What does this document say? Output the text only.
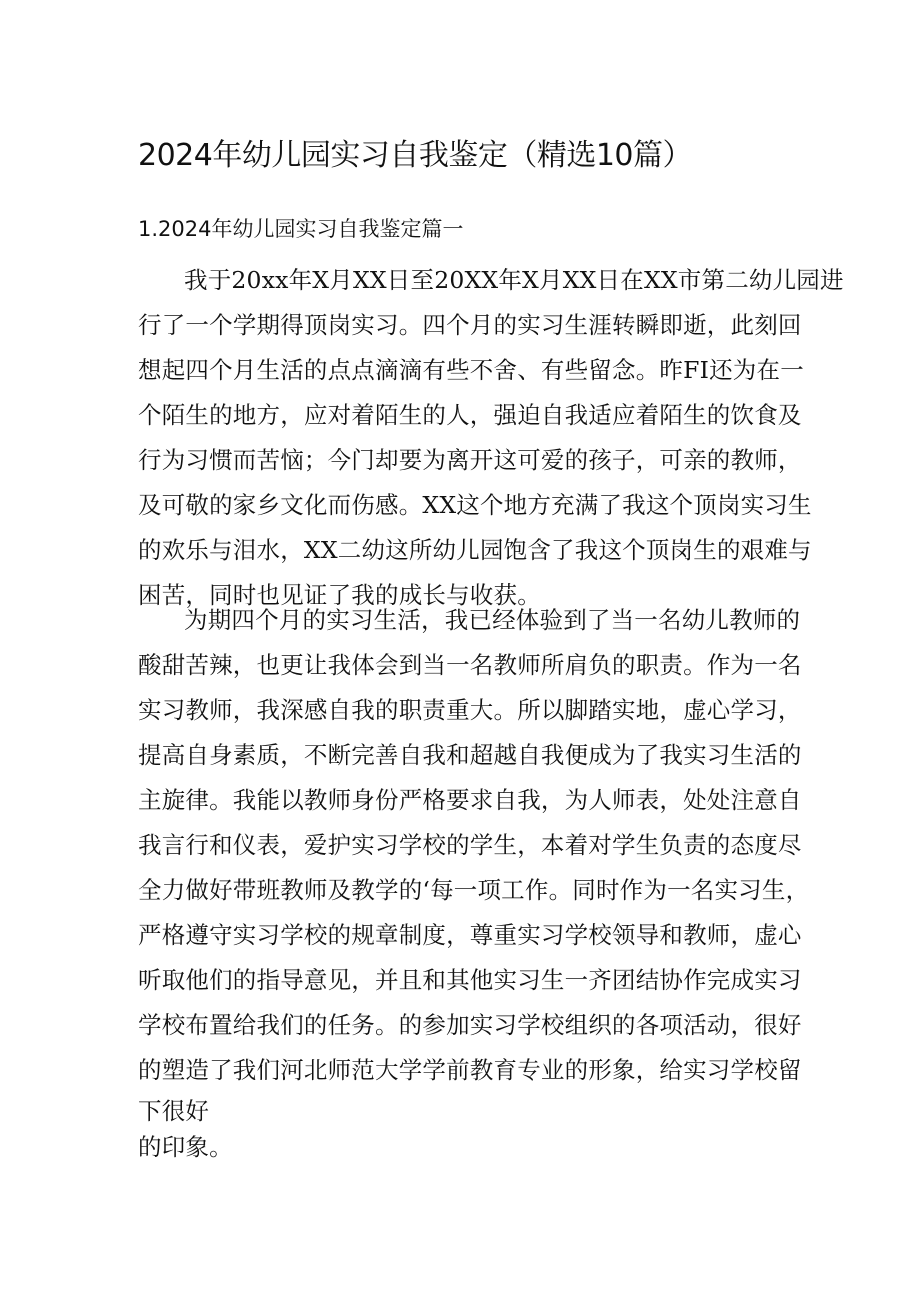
2024年幼儿园实习自我鉴定（精选10篇）
1.2024年幼儿园实习自我鉴定篇一
我于20xx年X月XX日至20XX年X月XX日在XX市第二幼儿园进
行了一个学期得顶岗实习。四个月的实习生涯转瞬即逝，此刻回
想起四个月生活的点点滴滴有些不舍、有些留念。昨FI还为在一
个陌生的地方，应对着陌生的人，强迫自我适应着陌生的饮食及
行为习惯而苦恼；今门却要为离开这可爱的孩子，可亲的教师，
及可敬的家乡文化而伤感。XX这个地方充满了我这个顶岗实习生
的欢乐与泪水，XX二幼这所幼儿园饱含了我这个顶岗生的艰难与
困苦，同时也见证了我的成长与收获。
为期四个月的实习生活，我已经体验到了当一名幼儿教师的
酸甜苦辣，也更让我体会到当一名教师所肩负的职责。作为一名
实习教师，我深感自我的职责重大。所以脚踏实地，虚心学习，
提高自身素质，不断完善自我和超越自我便成为了我实习生活的
主旋律。我能以教师身份严格要求自我，为人师表，处处注意自
我言行和仪表，爱护实习学校的学生，本着对学生负责的态度尽
全力做好带班教师及教学的‘每一项工作。同时作为一名实习生，
严格遵守实习学校的规章制度，尊重实习学校领导和教师，虚心
听取他们的指导意见，并且和其他实习生一齐团结协作完成实习
学校布置给我们的任务。的参加实习学校组织的各项活动，很好
的塑造了我们河北师范大学学前教育专业的形象，给实习学校留
下很好
的印象。
